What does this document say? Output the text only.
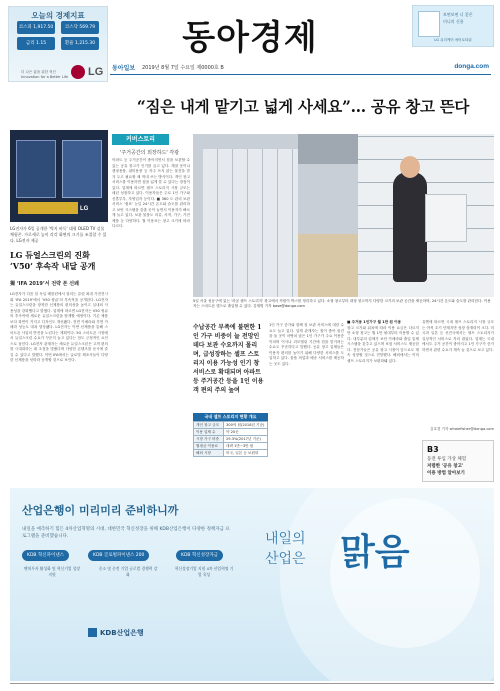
오늘의 경제지표
코스피 1,917.50	코스닥 569.79
금리 1.15	환율 1,215.30
더 나은 삶을 위한 혁신 Innovation for a Better Life LG
동아경제
보면보면 너 좋은
미니의 신용
LG 퓨리케어 에어로타워
동아일보 2019년 8월 7일 수요일 제0000호 B	donga.com
“짐은 내게 맡기고 넓게 사세요”… 공유 창고 뜬다
LG
LG전자가 6일 공개한 '벽지 바둑' 대형 OLED TV 실물 체험존. 가로세로 높이 각각 화면의 크기를 조절할 수 있다. LG전자 제공
LG 듀얼스크린의 진화 ‘V50’ 후속작 내달 공개
獨 ‘IFA 2019’서 전략 폰 선봬
LG전자가 다음 달 독일 베를린에서 열리는 유럽 최대 가전전시회 ‘IFA 2019’에서 ‘V50 씽큐’의 후속작을 공개한다. LG전자는 듀얼스크린을 장착한 신제품의 편의성을 높이고 실내외 사용성을 강화했다고 밝혔다. 업계에 따르면 LG전자는 V50 씽큐의 후속작에 새로운 듀얼스크린을 탑재할 예정이다. 기존 제품보다 화면이 커지고 디자인도 개선됐다. 전면 카메라와 후면 카메라 성능도 대폭 향상됐다. LG전자는 이번 신제품을 통해 스마트폰 사업의 반전을 노린다는 계획이다. 5G 스마트폰 시장에서 듀얼스크린 수요가 꾸준히 늘고 있다는 점도 긍정적인 요인으로 꼽힌다. LG전자 관계자는 새로운 듀얼스크린은 고객 편의를 극대화하는 데 초점을 맞췄다며 다양한 콘텐츠를 동시에 즐길 수 있다고 말했다. 이번 IFA에서는 글로벌 제조사들이 다양한 신제품을 잇따라 공개할 것으로 보인다.
커버스토리
'주거공간의 외장하드' 각광
아파트 등 주거공간이 좁아지면서 짐을 보관할 수 있는 공유 창고가 인기를 끌고 있다. 계절 옷이나 캠핑용품, 취미용품 등 자주 쓰지 않는 물건을 맡겨 두고 필요할 때 꺼내 쓰는 방식이다. 개인 창고 서비스를 이용하면 집을 넓게 쓸 수 있다는 장점이 있다. 업계에 따르면 셀프 스토리지 시장 규모는 매년 성장하고 있다. 이용자들은 주로 1인 가구와 신혼부부, 자영업자 등이다. ■ 360 도 관리 보관 서비스 '쉼표' 눈길 24시간 온도와 습도를 관리하고 보안 시스템을 갖춘 곳이 늘면서 이용자가 빠르게 늘고 있다. 보관 물품도 의류, 서적, 가구, 가전제품 등 다양하다. 월 이용료는 창고 크기에 따라 다르다.
5일 서울 성동구에 있는 '라곰 셀프 스토리지' 창고에서 직원이 박스를 정리하고 있다. 소형 창고부터 대형 창고까지 다양한 크기의 보관 공간을 제공하며, 24시간 온도와 습도를 관리한다. 이용자는 스마트폰 앱으로 출입할 수 있다. 김재명 기자 base@donga.com
수납공간 부족에 불편한 1인 가구 비중이 늘 전망인 데다 보관 수요까지 몰리며, 급성장하는 셀프 스토리지 이용 가능성 인기 창 서비스로 확대되며 아파트 등 주거공간 등을 1인 이용객 편의 주의 높여
1인 가구 증가와 함께 짐 보관 서비스에 대한 수요도 늘고 있다. 업계 관계자는 집이 좁아 물건을 둘 곳이 마땅치 않은 1인 가구가 주요 이용층이라며 이사나 리모델링 기간에 짐을 맡기려는 수요도 꾸준하다고 말했다. 공유 창고 업체들은 이용자 편의를 높이기 위해 다양한 서비스를 도입하고 있다. 물품 픽업과 배송 서비스를 제공하는 곳도 있다.
■ 주거용 1인가구 월 1만 원 이용
창고 크기와 위치에 따라 이용 요금은 다르지만 소형 창고는 월 1만 원대부터 이용할 수 있다. 대부분의 업체가 보안 카메라와 출입 통제 시스템을 갖추고 있으며 보험 서비스도 제공한다. 전문가들은 공유 창고 시장이 앞으로도 계속 성장할 것으로 전망했다. 해외에서는 이미 셀프 스토리지가 보편화돼 있다.
유엔에 따르면 국내 셀프 스토리지 시장 규모는 아직 초기 단계지만 성장 잠재력이 크다. 미국과 일본 등 선진국에서는 셀프 스토리지가 일상적인 서비스로 자리 잡았다. 업계는 국내에서도 주거 공간이 좁아지고 1인 가구가 증가하면서 관련 수요가 계속 늘 것으로 보고 있다.
김호경 기자 whalefisher@donga.com
국내 셀프 스토리지 현황 개요
개인 창고 규모	300억 원(2018년 기준)
이용 업체 수	약 20곳
시장 가구 비중	29.3%(2017년 기준)
월평균 이용료	대략 1만~3만 원
해외 시장	미국, 일본 등 보편화	B3
동전 투입 가상 체험
저렴한 '공유 창고'
이용 방법 알아보기
산업은행이 미리미리 준비하니까
내일을 예측하기 힘든 4차산업혁명의 시대, 대한민국 혁신성장을 위해 KDB산업은행이 다양한 정책자금 프로그램을 준비했습니다.
KDB 혁신파이낸스	KDB 글로벌파이낸스 200	KDB 혁신성장자금
벤처투자 활성화 및 혁신기업 성장 지원
중소 및 중견 기업 글로벌 경쟁력 강화
혁신성장기업 지원 4차 산업혁명 기업 육성
KDB산업은행
내일의
산업은 맑음
